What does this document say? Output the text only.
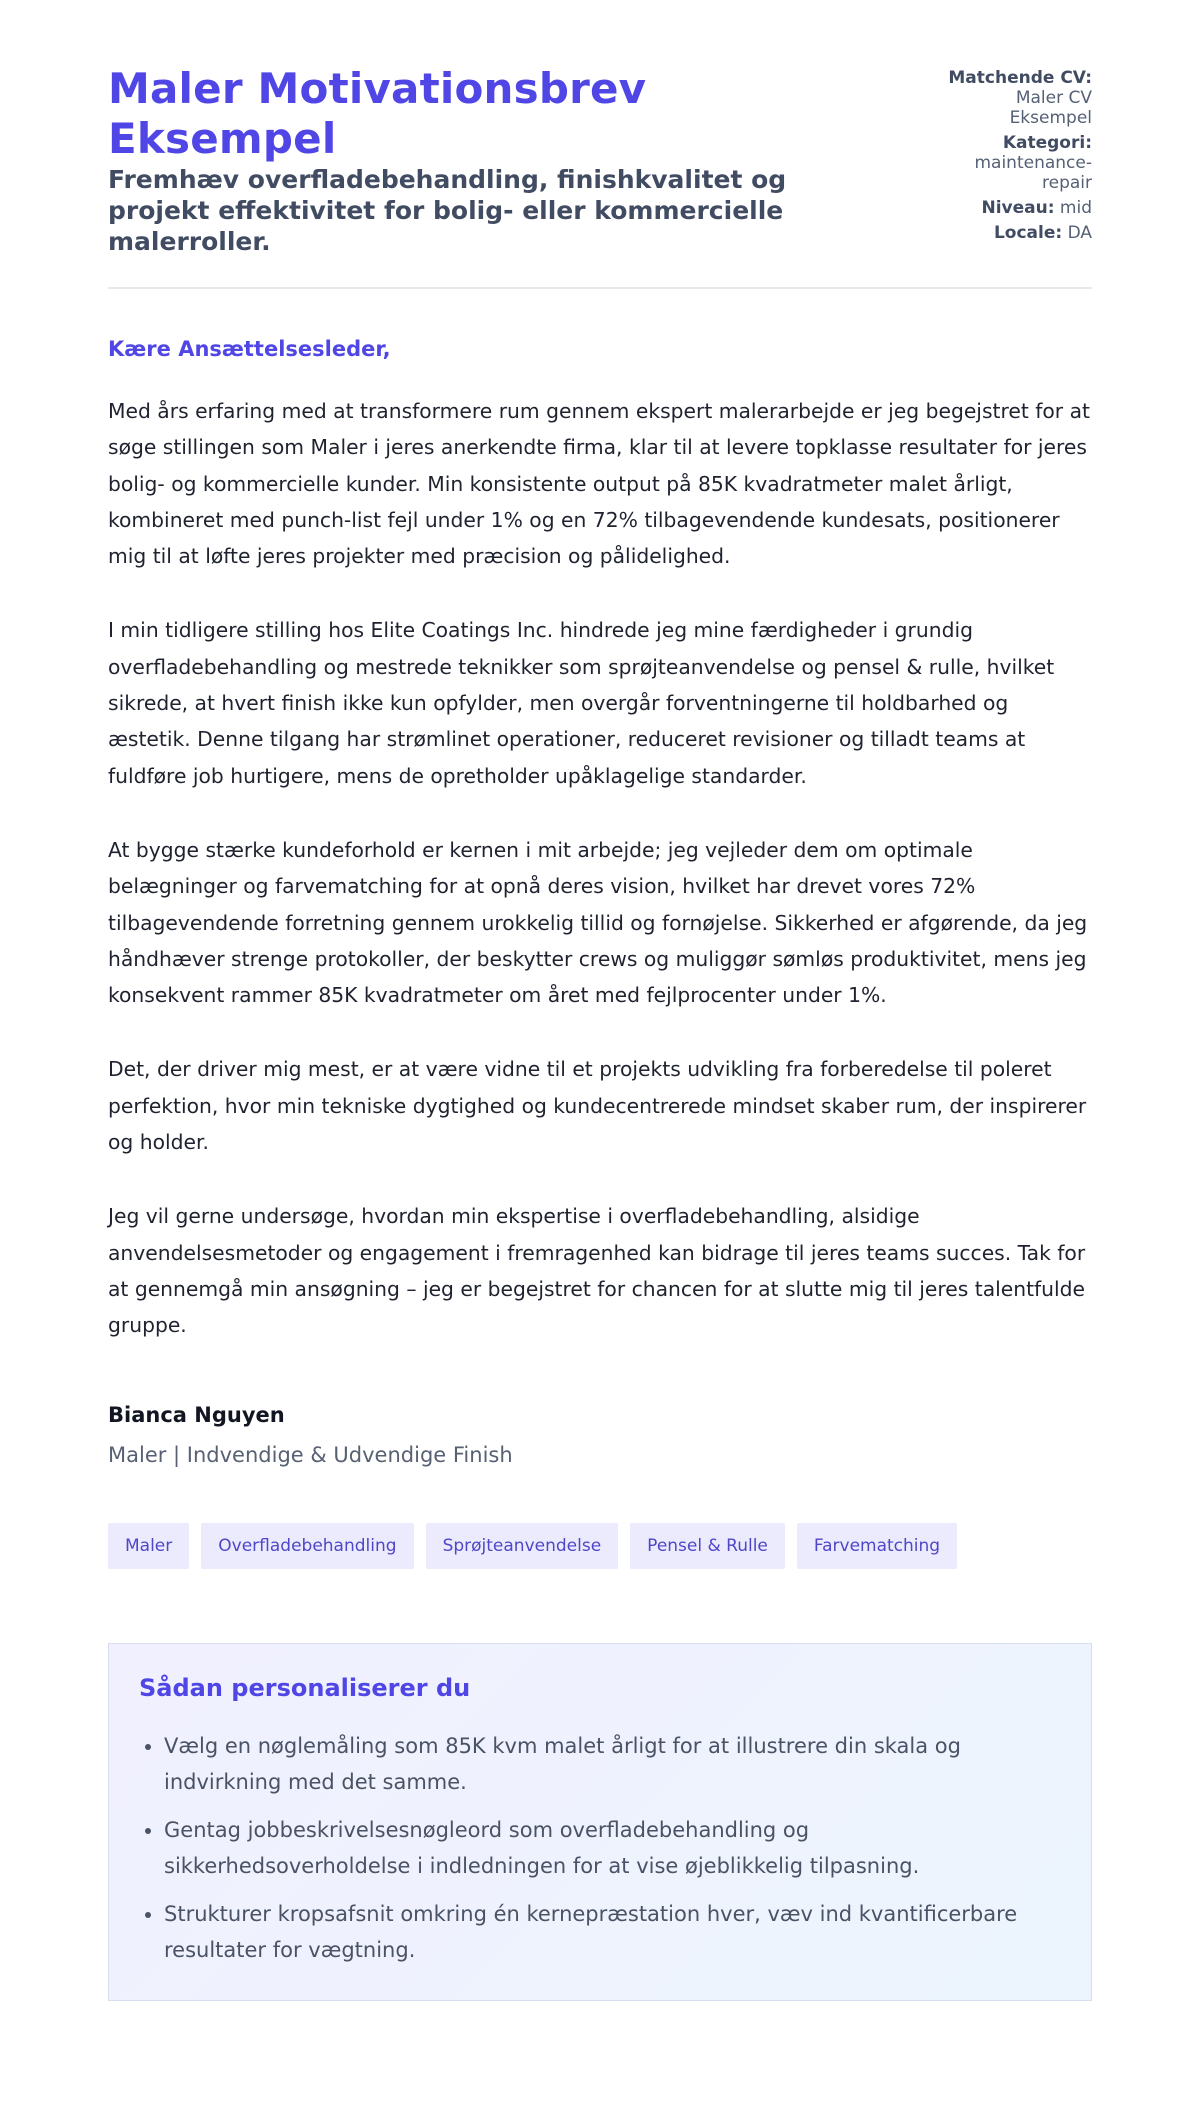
Maler Motivationsbrev Eksempel
Fremhæv overfladebehandling, finishkvalitet og projekt effektivitet for bolig- eller kommercielle malerroller.
Matchende CV: Maler CV Eksempel
Kategori: maintenance-repair
Niveau: mid
Locale: DA
Kære Ansættelsesleder,

Med års erfaring med at transformere rum gennem ekspert malerarbejde er jeg begejstret for at søge stillingen som Maler i jeres anerkendte firma, klar til at levere topklasse resultater for jeres bolig- og kommercielle kunder. Min konsistente output på 85K kvadratmeter malet årligt, kombineret med punch-list fejl under 1% og en 72% tilbagevendende kundesats, positionerer mig til at løfte jeres projekter med præcision og pålidelighed.

I min tidligere stilling hos Elite Coatings Inc. hindrede jeg mine færdigheder i grundig overfladebehandling og mestrede teknikker som sprøjteanvendelse og pensel & rulle, hvilket sikrede, at hvert finish ikke kun opfylder, men overgår forventningerne til holdbarhed og æstetik. Denne tilgang har strømlinet operationer, reduceret revisioner og tilladt teams at fuldføre job hurtigere, mens de opretholder upåklagelige standarder.

At bygge stærke kundeforhold er kernen i mit arbejde; jeg vejleder dem om optimale belægninger og farvematching for at opnå deres vision, hvilket har drevet vores 72% tilbagevendende forretning gennem urokkelig tillid og fornøjelse. Sikkerhed er afgørende, da jeg håndhæver strenge protokoller, der beskytter crews og muliggør sømløs produktivitet, mens jeg konsekvent rammer 85K kvadratmeter om året med fejlprocenter under 1%.

Det, der driver mig mest, er at være vidne til et projekts udvikling fra forberedelse til poleret perfektion, hvor min tekniske dygtighed og kundecentrerede mindset skaber rum, der inspirerer og holder.

Jeg vil gerne undersøge, hvordan min ekspertise i overfladebehandling, alsidige anvendelsesmetoder og engagement i fremragenhed kan bidrage til jeres teams succes. Tak for at gennemgå min ansøgning – jeg er begejstret for chancen for at slutte mig til jeres talentfulde gruppe.

Bianca Nguyen
Maler | Indvendige & Udvendige Finish
Maler	Overfladebehandling	Sprøjteanvendelse	Pensel & Rulle	Farvematching
Sådan personaliserer du
• Vælg en nøglemåling som 85K kvm malet årligt for at illustrere din skala og indvirkning med det samme.
• Gentag jobbeskrivelsesnøgleord som overfladebehandling og sikkerhedsoverholdelse i indledningen for at vise øjeblikkelig tilpasning.
• Strukturer kropsafsnit omkring én kernepræstation hver, væv ind kvantificerbare resultater for vægtning.
